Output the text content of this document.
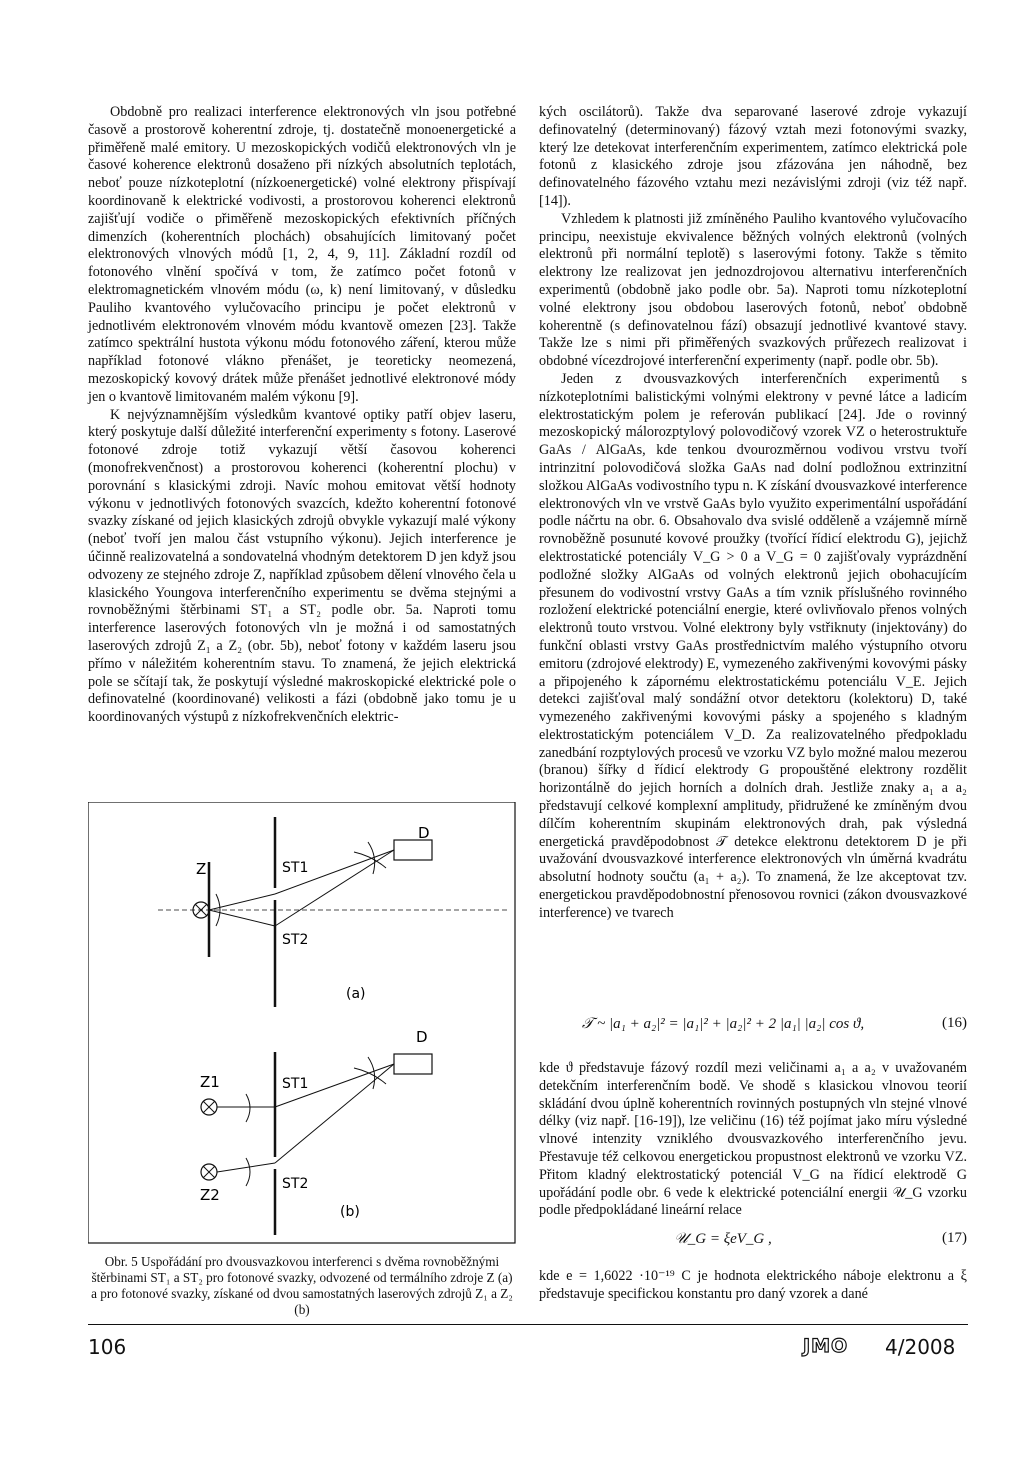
Obdobně pro realizaci interference elektronových vln jsou potřebné časově a prostorově koherentní zdroje, tj. dostatečně monoenergetické a přiměřeně malé emitory. U mezoskopických vodičů elektronových vln je časové koherence elektronů dosaženo při nízkých absolutních teplotách, neboť pouze nízkoteplotní (nízkoenergetické) volné elektrony přispívají koordinovaně k elektrické vodivosti, a prostorovou koherenci elektronů zajišťují vodiče o přiměřeně mezoskopických efektivních příčných dimenzích (koherentních plochách) obsahujících limitovaný počet elektronových vlnových módů [1, 2, 4, 9, 11]. Základní rozdíl od fotonového vlnění spočívá v tom, že zatímco počet fotonů v elektromagnetickém vlnovém módu (ω, k) není limitovaný, v důsledku Pauliho kvantového vylučovacího principu je počet elektronů v jednotlivém elektronovém vlnovém módu kvantově omezen [23]. Takže zatímco spektrální hustota výkonu módu fotonového záření, kterou může například fotonové vlákno přenášet, je teoreticky neomezená, mezoskopický kovový drátek může přenášet jednotlivé elektronové módy jen o kvantově limitovaném malém výkonu [9].

K nejvýznamnějším výsledkům kvantové optiky patří objev laseru, který poskytuje další důležité interferenční experimenty s fotony. Laserové fotonové zdroje totiž vykazují větší časovou koherenci (monofrekvenčnost) a prostorovou koherenci (koherentní plochu) v porovnání s klasickými zdroji. Navíc mohou emitovat větší hodnoty výkonu v jednotlivých fotonových svazcích, kdežto koherentní fotonové svazky získané od jejich klasických zdrojů obvykle vykazují malé výkony (neboť tvoří jen malou část vstupního výkonu). Jejich interference je účinně realizovatelná a sondovatelná vhodným detektorem D jen když jsou odvozeny ze stejného zdroje Z, například způsobem dělení vlnového čela u klasického Youngova interferenčního experimentu se dvěma stejnými a rovnoběžnými štěrbinami ST₁ a ST₂ podle obr. 5a. Naproti tomu interference laserových fotonových vln je možná i od samostatných laserových zdrojů Z₁ a Z₂ (obr. 5b), neboť fotony v každém laseru jsou přímo v náležitém koherentním stavu. To znamená, že jejich elektrická pole se sčítají tak, že poskytují výsledné makroskopické elektrické pole o definovatelné (koordinované) velikosti a fázi (obdobně jako tomu je u koordinovaných výstupů z nízkofrekvenčních elektric-

Z	ST1
ST2
D
(a)
Z1
Z2
ST1
ST2
D
(b)
Obr. 5 Uspořádání pro dvousvazkovou interferenci s dvěma rovnoběžnými štěrbinami ST₁ a ST₂ pro fotonové svazky, odvozené od termálního zdroje Z (a) a pro fotonové svazky, získané od dvou samostatných laserových zdrojů Z₁ a Z₂ (b)

kých oscilátorů). Takže dva separované laserové zdroje vykazují definovatelný (determinovaný) fázový vztah mezi fotonovými svazky, který lze detekovat interferenčním experimentem, zatímco elektrická pole fotonů z klasického zdroje jsou zfázována jen náhodně, bez definovatelného fázového vztahu mezi nezávislými zdroji (viz též např. [14]).

Vzhledem k platnosti již zmíněného Pauliho kvantového vylučovacího principu, neexistuje ekvivalence běžných volných elektronů (volných elektronů při normální teplotě) s laserovými fotony. Takže s těmito elektrony lze realizovat jen jednozdrojovou alternativu interferenčních experimentů (obdobně jako podle obr. 5a). Naproti tomu nízkoteplotní volné elektrony jsou obdobou laserových fotonů, neboť obdobně koherentně (s definovatelnou fází) obsazují jednotlivé kvantové stavy. Takže lze s nimi při přiměřených svazkových průřezech realizovat i obdobné vícezdrojové interferenční experimenty (např. podle obr. 5b).

Jeden z dvousvazkových interferenčních experimentů s nízkoteplotními balistickými volnými elektrony v pevné látce a ladicím elektrostatickým polem je referován publikací [24]. Jde o rovinný mezoskopický málorozptylový polovodičový vzorek VZ o heterostruktuře GaAs / AlGaAs, kde tenkou dvourozměrnou vodivou vrstvu tvoří intrinzitní polovodičová složka GaAs nad dolní podložnou extrinzitní složkou AlGaAs vodivostního typu n. K získání dvousvazkové interference elektronových vln ve vrstvě GaAs bylo využito experimentální uspořádání podle náčrtu na obr. 6. Obsahovalo dva svislé odděleně a vzájemně mírně rovnoběžně posunuté kovové proužky (tvořící řídicí elektrodu G), jejichž elektrostatické potenciály V_G > 0 a V_G = 0 zajišťovaly vyprázdnění podložné složky AlGaAs od volných elektronů jejich obohacujícím přesunem do vodivostní vrstvy GaAs a tím vznik příslušného rovinného rozložení elektrické potenciální energie, které ovlivňovalo přenos volných elektronů touto vrstvou. Volné elektrony byly vstřiknuty (injektovány) do funkční oblasti vrstvy GaAs prostřednictvím malého výstupního otvoru emitoru (zdrojové elektrody) E, vymezeného zakřivenými kovovými pásky a připojeného k zápornému elektrostatickému potenciálu V_E. Jejich detekci zajišťoval malý sondážní otvor detektoru (kolektoru) D, také vymezeného zakřivenými kovovými pásky a spojeného s kladným elektrostatickým potenciálem V_D. Za realizovatelného předpokladu zanedbání rozptylových procesů ve vzorku VZ bylo možné malou mezerou (branou) šířky d řídicí elektrody G propouštěné elektrony rozdělit horizontálně do jejich horních a dolních drah. Jestliže znaky a₁ a a₂ představují celkové komplexní amplitudy, přidružené ke zmíněným dvou dílčím koherentním skupinám elektronových drah, pak výsledná energetická pravděpodobnost 𝒯 detekce elektronu detektorem D je při uvažování dvousvazkové interference elektronových vln úměrná kvadrátu absolutní hodnoty součtu (a₁ + a₂). To znamená, že lze akceptovat tzv. energetickou pravděpodobnostní přenosovou rovnici (zákon dvousvazkové interference) ve tvarech

𝒯 ~ |a₁ + a₂|² = |a₁|² + |a₂|² + 2 |a₁| |a₂| cos ϑ,	(16)

kde ϑ představuje fázový rozdíl mezi veličinami a₁ a a₂ v uvažovaném detekčním interferenčním bodě. Ve shodě s klasickou vlnovou teorií skládání dvou úplně koherentních rovinných postupných vln stejné vlnové délky (viz např. [16-19]), lze veličinu (16) též pojímat jako míru výsledné vlnové intenzity vzniklého dvousvazkového interferenčního jevu. Přestavuje též celkovou energetickou propustnost elektronů ve vzorku VZ. Přitom kladný elektrostatický potenciál V_G na řídicí elektrodě G upořádání podle obr. 6 vede k elektrické potenciální energii 𝒰_G vzorku podle předpokládané lineární relace

𝒰_G = ξeV_G ,	(17)

kde e = 1,6022 ·10⁻¹⁹ C je hodnota elektrického náboje elektronu a ξ představuje specifickou konstantu pro daný vzorek a dané

106	JMO 4/2008
